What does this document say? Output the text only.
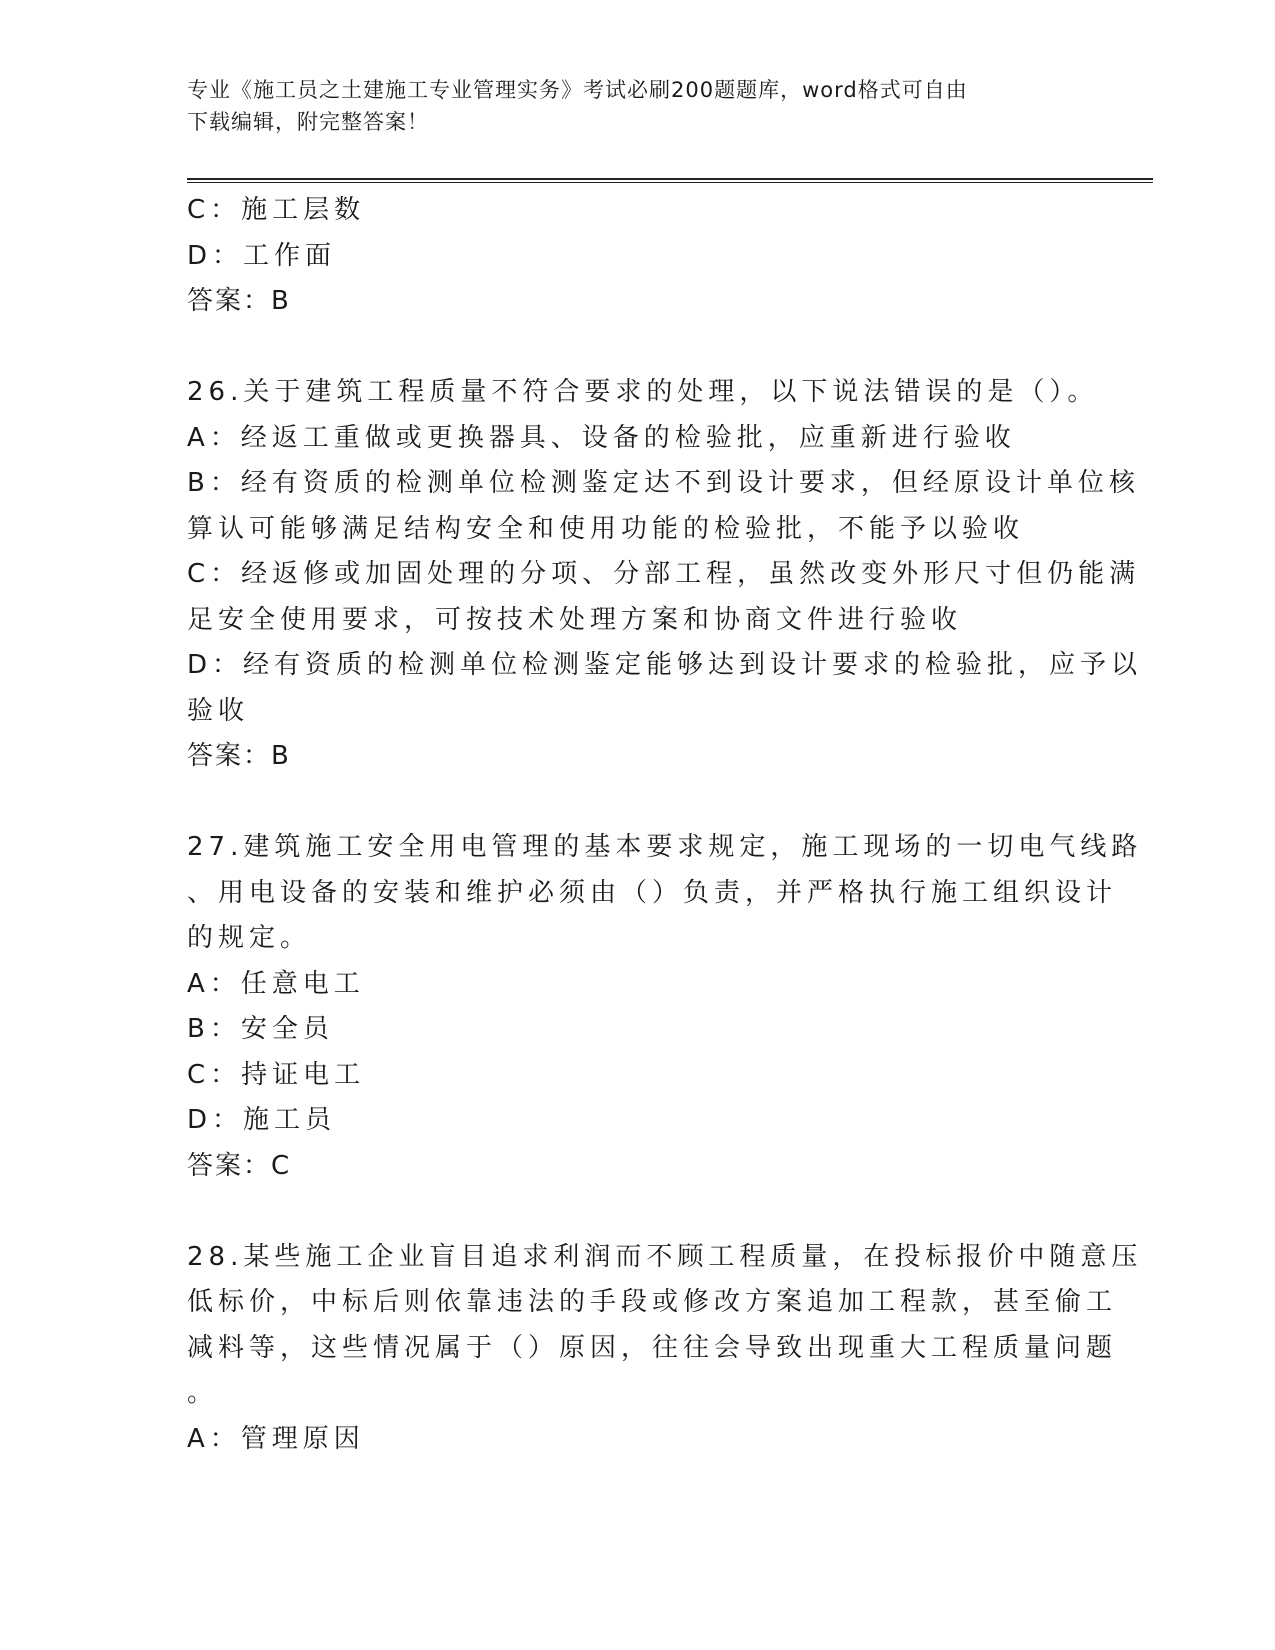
专业《施工员之土建施工专业管理实务》考试必刷200题题库，word格式可自由
下载编辑，附完整答案！
C：施工层数
D：工作面
答案：B
26.关于建筑工程质量不符合要求的处理，以下说法错误的是（）。
A：经返工重做或更换器具、设备的检验批，应重新进行验收
B：经有资质的检测单位检测鉴定达不到设计要求，但经原设计单位核
算认可能够满足结构安全和使用功能的检验批，不能予以验收
C：经返修或加固处理的分项、分部工程，虽然改变外形尺寸但仍能满
足安全使用要求，可按技术处理方案和协商文件进行验收
D：经有资质的检测单位检测鉴定能够达到设计要求的检验批，应予以
验收
答案：B
27.建筑施工安全用电管理的基本要求规定，施工现场的一切电气线路
、用电设备的安装和维护必须由（）负责，并严格执行施工组织设计
的规定。
A：任意电工
B：安全员
C：持证电工
D：施工员
答案：C
28.某些施工企业盲目追求利润而不顾工程质量，在投标报价中随意压
低标价，中标后则依靠违法的手段或修改方案追加工程款，甚至偷工
减料等，这些情况属于（）原因，往往会导致出现重大工程质量问题
。
A：管理原因
